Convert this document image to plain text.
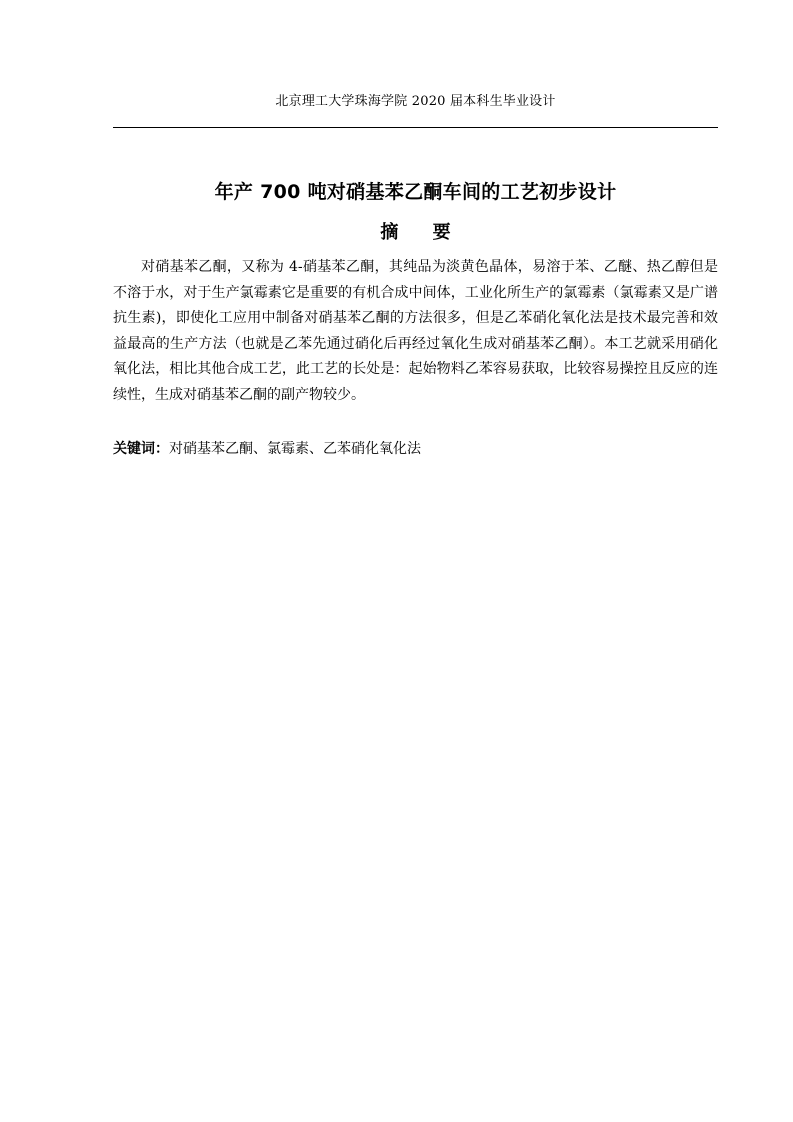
北京理工大学珠海学院 2020 届本科生毕业设计
年产 700 吨对硝基苯乙酮车间的工艺初步设计
摘 要

对硝基苯乙酮，又称为 4-硝基苯乙酮，其纯品为淡黄色晶体，易溶于苯、乙醚、热乙醇但是不溶于水，对于生产氯霉素它是重要的有机合成中间体，工业化所生产的氯霉素（氯霉素又是广谱抗生素)，即使化工应用中制备对硝基苯乙酮的方法很多，但是乙苯硝化氧化法是技术最完善和效益最高的生产方法（也就是乙苯先通过硝化后再经过氧化生成对硝基苯乙酮）。本工艺就采用硝化氧化法，相比其他合成工艺，此工艺的长处是：起始物料乙苯容易获取，比较容易操控且反应的连续性，生成对硝基苯乙酮的副产物较少。

关键词：对硝基苯乙酮、氯霉素、乙苯硝化氧化法
